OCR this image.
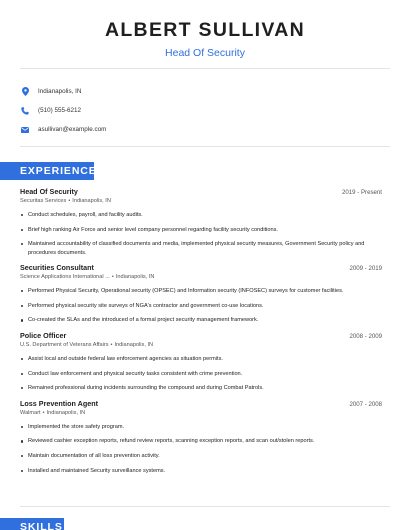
ALBERT SULLIVAN
Head Of Security
Indianapolis, IN
(510) 555-6212
asullivan@example.com
EXPERIENCE
Head Of Security	2019 - Present
Securitas Services • Indianapolis, IN
Conduct schedules, payroll, and facility audits.
Brief high ranking Air Force and senior level company personnel regarding facility security conditions.
Maintained accountability of classified documents and media, implemented physical security measures, Government Security policy and procedures documents.
Securities Consultant	2009 - 2019
Science Applications International ... • Indianapolis, IN
Performed Physical Security, Operational security (OPSEC) and Information security (INFOSEC) surveys for customer facilities.
Performed physical security site surveys of NGA's contractor and government co-use locations.
Co-created the SLAs and the introduced of a formal project security management framework.
Police Officer	2008 - 2009
U.S. Department of Veterans Affairs • Indianapolis, IN
Assist local and outside federal law enforcement agencies as situation permits.
Conduct law enforcement and physical security tasks consistent with crime prevention.
Remained professional during incidents surrounding the compound and during Combat Patrols.
Loss Prevention Agent	2007 - 2008
Walmart • Indianapolis, IN
Implemented the store safety program.
Reviewed cashier exception reports, refund review reports, scanning exception reports, and scan out/stolen reports.
Maintain documentation of all loss prevention activity.
Installed and maintained Security surveillance systems.
SKILLS
